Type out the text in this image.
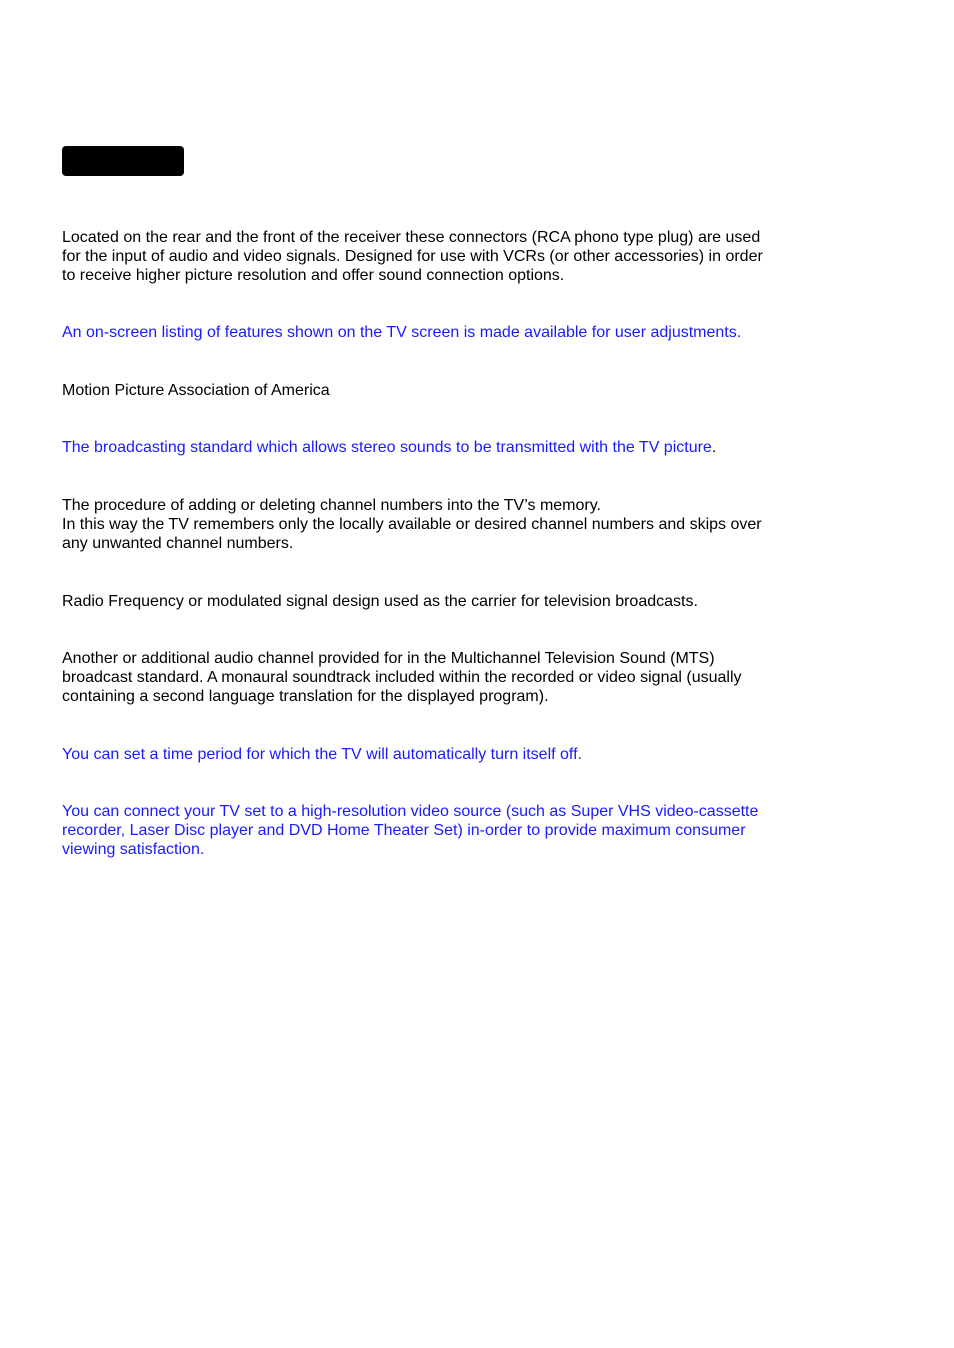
Located on the rear and the front of the receiver these connectors (RCA phono type plug) are used
for the input of audio and video signals. Designed for use with VCRs (or other accessories) in order
to receive higher picture resolution and offer sound connection options.
An on-screen listing of features shown on the TV screen is made available for user adjustments.
Motion Picture Association of America
The broadcasting standard which allows stereo sounds to be transmitted with the TV picture.
The procedure of adding or deleting channel numbers into the TV’s memory.
In this way the TV remembers only the locally available or desired channel numbers and skips over
any unwanted channel numbers.
Radio Frequency or modulated signal design used as the carrier for television broadcasts.
Another or additional audio channel provided for in the Multichannel Television Sound (MTS)
broadcast standard. A monaural soundtrack included within the recorded or video signal (usually
containing a second language translation for the displayed program).
You can set a time period for which the TV will automatically turn itself off.
You can connect your TV set to a high-resolution video source (such as Super VHS video-cassette
recorder, Laser Disc player and DVD Home Theater Set) in-order to provide maximum consumer
viewing satisfaction.
